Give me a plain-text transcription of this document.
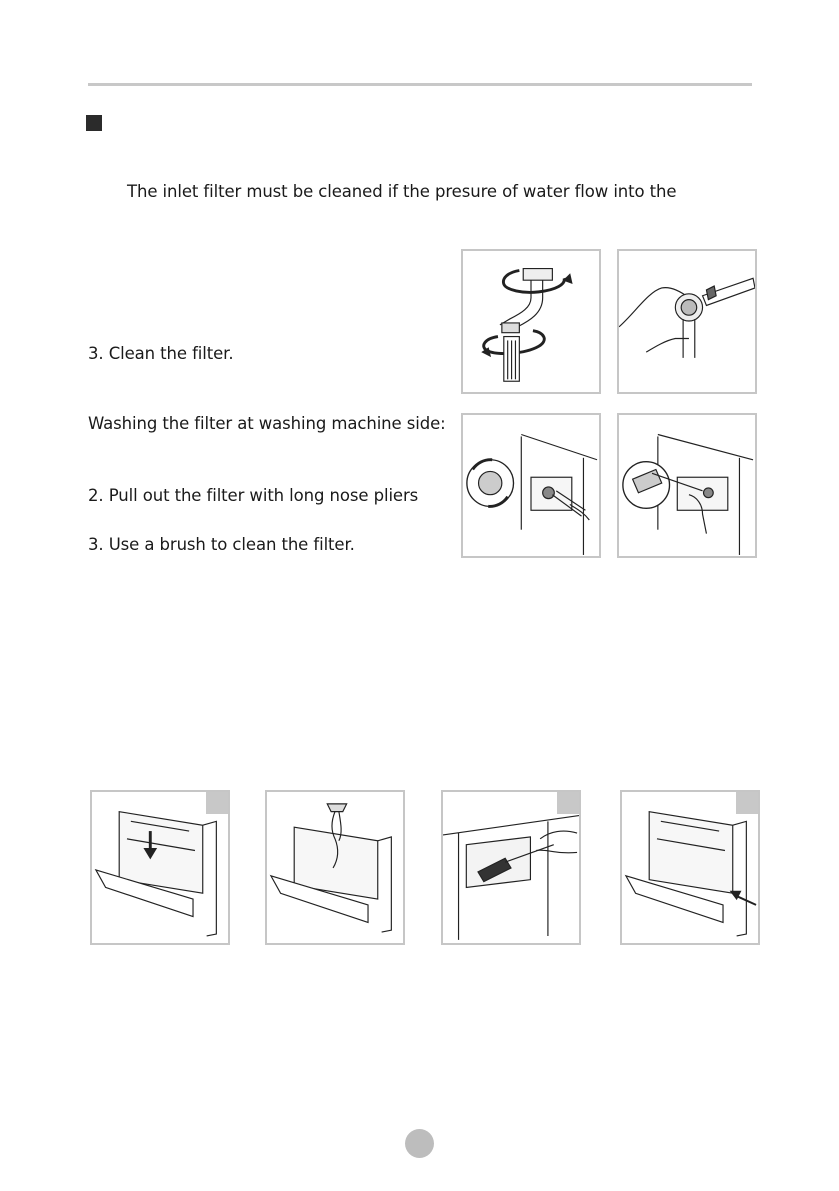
The inlet filter must be cleaned if the presure of water flow into the
3. Clean the filter.
Washing the filter at washing machine side:
2. Pull out the filter with long nose pliers
3. Use a brush to clean the filter.
